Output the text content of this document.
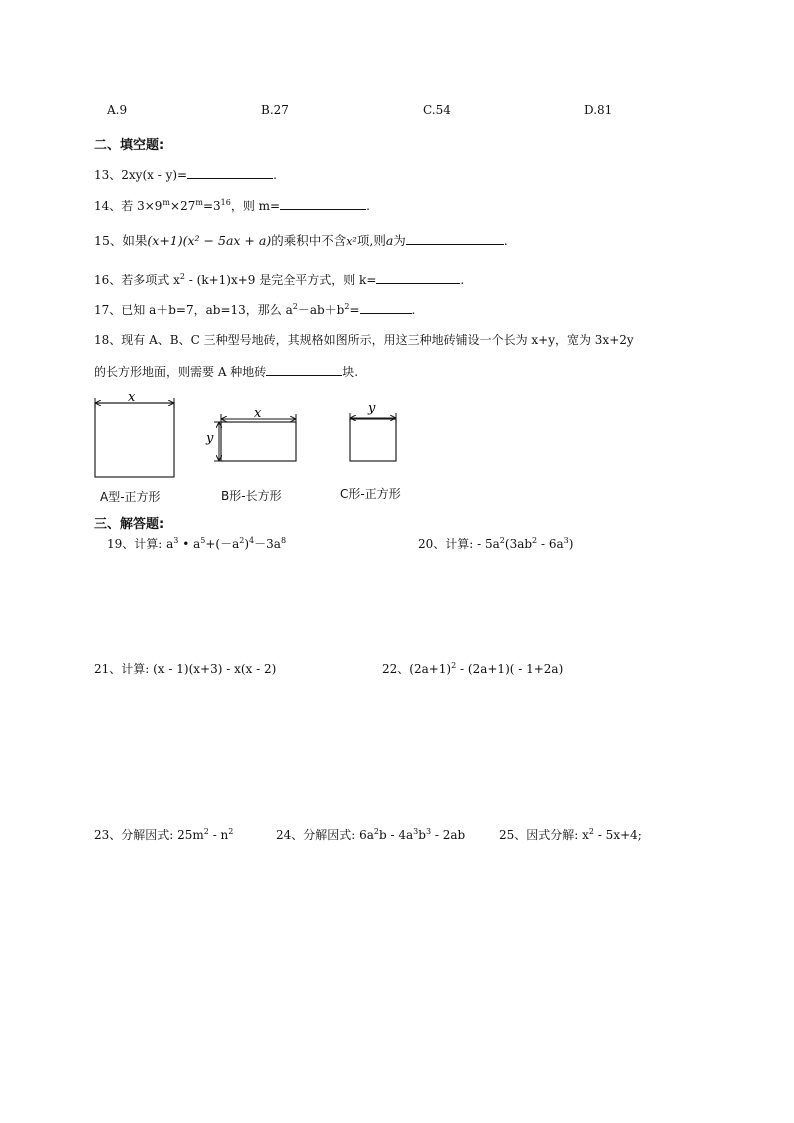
A.9	B.27	C.54	D.81
二、填空题:
13、2xy(x - y)=	.
14、若 $3\times 9^m\times 27^m=3^{16}$，则 m=	.
15、如果(x+1)(x² − 5ax + a)的乘积中不含x²项,则a为	.
16、若多项式 $x^2 - (k+1)x+9$ 是完全平方式，则 k=	.
17、已知 a＋b=7，ab=13，那么 $a^2-ab+b^2=$	.
18、现有 A、B、C 三种型号地砖，其规格如图所示，用这三种地砖铺设一个长为 x+y，宽为 3x+2y
的长方形地面，则需要 A 种地砖	块.
x
x
y
y
A型-正方形	B形-长方形	C形-正方形
三、解答题:
19、计算: $a^3$ • $a^5+(-a^2)^4-3a^8$	20、计算: - $5a^2(3ab^2 - 6a^3)$
21、计算: (x - 1)(x+3) - x(x - 2)	22、$(2a+1)^2 - (2a+1)( - 1+2a)$
23、分解因式: $25m^2 - n^2$	24、分解因式: $6a^2b - 4a^3b^3 - 2ab$	25、因式分解: $x^2 - 5x+4$;
